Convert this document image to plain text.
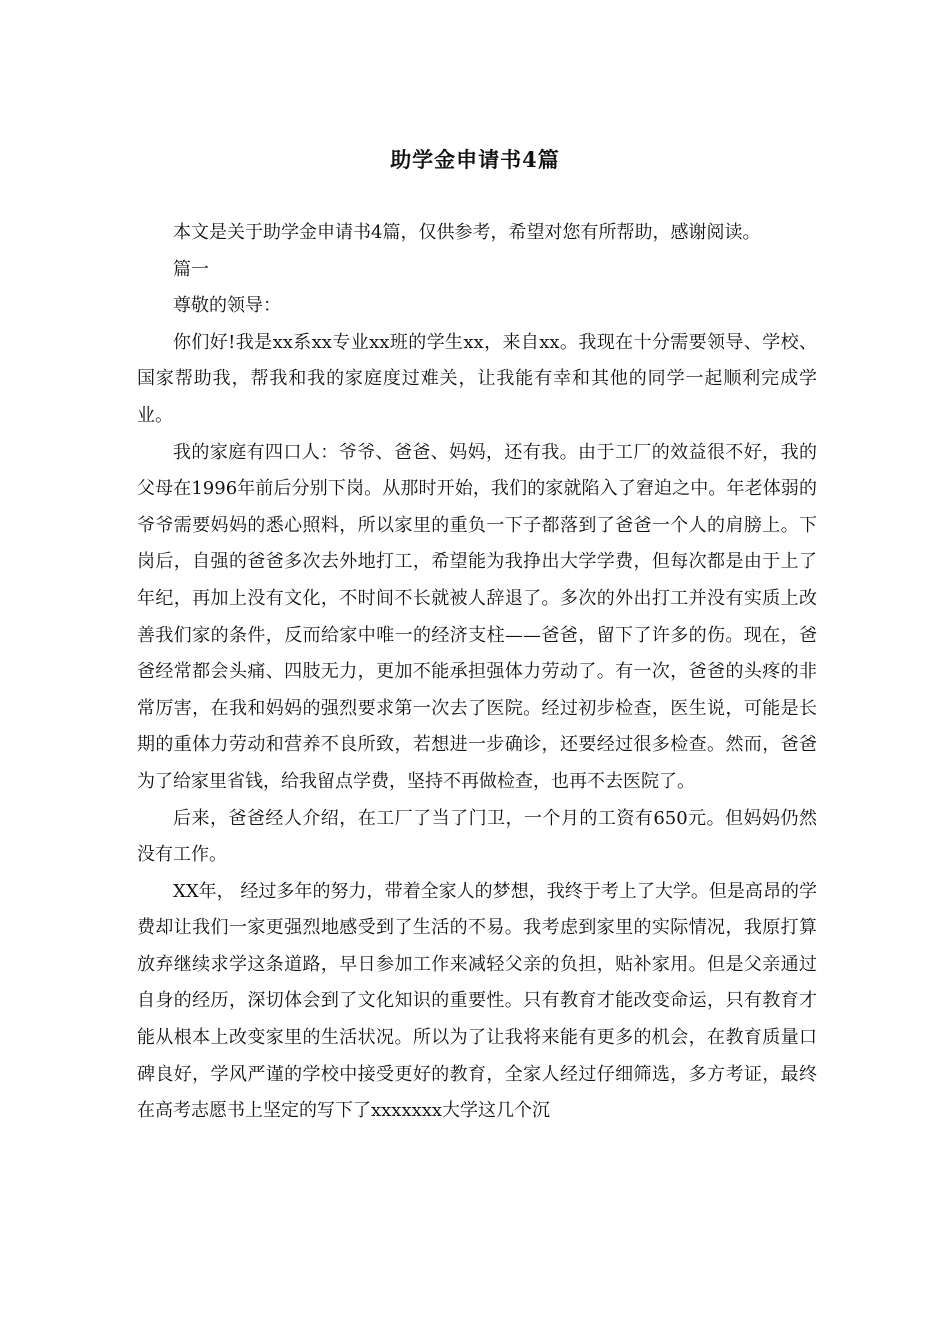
助学金申请书4篇

本文是关于助学金申请书4篇，仅供参考，希望对您有所帮助，感谢阅读。

篇一

尊敬的领导：

你们好!我是xx系xx专业xx班的学生xx，来自xx。我现在十分需要领导、学校、国家帮助我，帮我和我的家庭度过难关，让我能有幸和其他的同学一起顺利完成学业。

我的家庭有四口人：爷爷、爸爸、妈妈，还有我。由于工厂的效益很不好，我的父母在1996年前后分别下岗。从那时开始，我们的家就陷入了窘迫之中。年老体弱的爷爷需要妈妈的悉心照料，所以家里的重负一下子都落到了爸爸一个人的肩膀上。下岗后，自强的爸爸多次去外地打工，希望能为我挣出大学学费，但每次都是由于上了年纪，再加上没有文化，不时间不长就被人辞退了。多次的外出打工并没有实质上改善我们家的条件，反而给家中唯一的经济支柱——爸爸，留下了许多的伤。现在，爸爸经常都会头痛、四肢无力，更加不能承担强体力劳动了。有一次，爸爸的头疼的非常厉害，在我和妈妈的强烈要求第一次去了医院。经过初步检查，医生说，可能是长期的重体力劳动和营养不良所致，若想进一步确诊，还要经过很多检查。然而，爸爸为了给家里省钱，给我留点学费，坚持不再做检查，也再不去医院了。

后来，爸爸经人介绍，在工厂了当了门卫，一个月的工资有650元。但妈妈仍然没有工作。

XX年， 经过多年的努力，带着全家人的梦想，我终于考上了大学。但是高昂的学费却让我们一家更强烈地感受到了生活的不易。我考虑到家里的实际情况，我原打算放弃继续求学这条道路，早日参加工作来减轻父亲的负担，贴补家用。但是父亲通过自身的经历，深切体会到了文化知识的重要性。只有教育才能改变命运，只有教育才能从根本上改变家里的生活状况。所以为了让我将来能有更多的机会，在教育质量口碑良好，学风严谨的学校中接受更好的教育，全家人经过仔细筛选，多方考证，最终在高考志愿书上坚定的写下了xxxxxxx大学这几个沉
